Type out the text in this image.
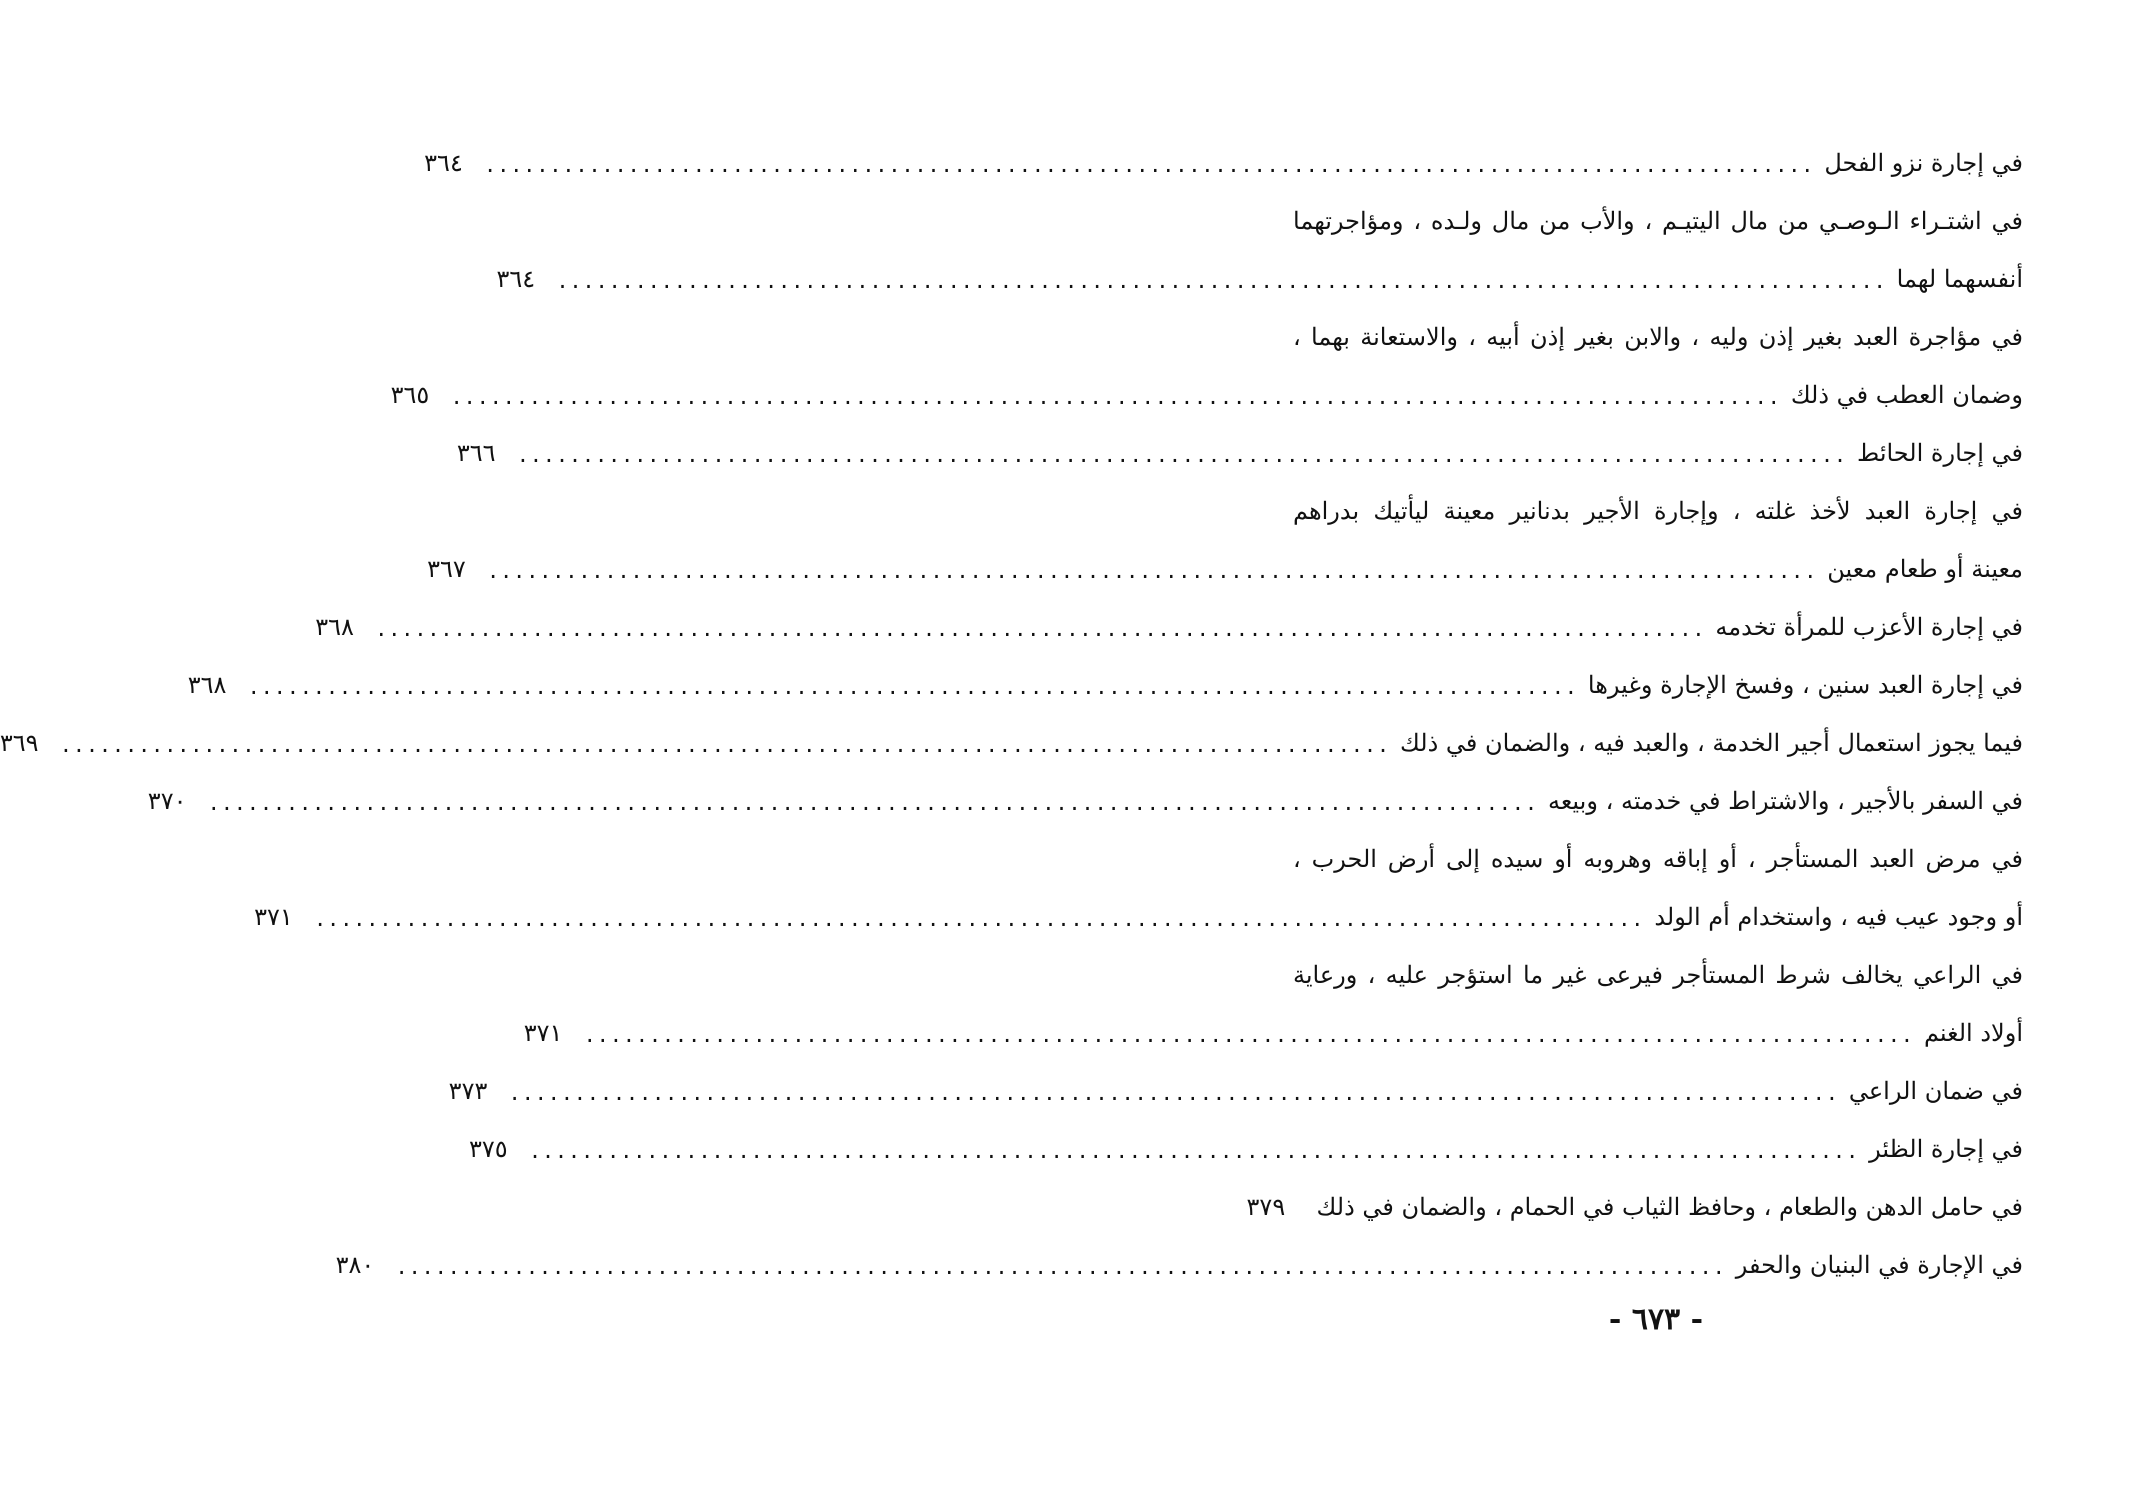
في إجارة نزو الفحل
......................................................................................................
٣٦٤
في اشتـراء الـوصـي من مال اليتيـم ، والأب من مال ولـده ، ومؤاجرتهما
أنفسهما لهما
......................................................................................................
٣٦٤
في مؤاجرة العبد بغير إذن وليه ، والابن بغير إذن أبيه ، والاستعانة بهما ،
وضمان العطب في ذلك
......................................................................................................
٣٦٥
في إجارة الحائط
......................................................................................................
٣٦٦
في إجارة العبد لأخذ غلته ، وإجارة الأجير بدنانير معينة ليأتيك بدراهم
معينة أو طعام معين
......................................................................................................
٣٦٧
في إجارة الأعزب للمرأة تخدمه
......................................................................................................
٣٦٨
في إجارة العبد سنين ، وفسخ الإجارة وغيرها
......................................................................................................
٣٦٨
فيما يجوز استعمال أجير الخدمة ، والعبد فيه ، والضمان في ذلك
......................................................................................................
٣٦٩
في السفر بالأجير ، والاشتراط في خدمته ، وبيعه
......................................................................................................
٣٧٠
في مرض العبد المستأجر ، أو إباقه وهروبه أو سيده إلى أرض الحرب ،
أو وجود عيب فيه ، واستخدام أم الولد
......................................................................................................
٣٧١
في الراعي يخالف شرط المستأجر فيرعى غير ما استؤجر عليه ، ورعاية
أولاد الغنم
......................................................................................................
٣٧١
في ضمان الراعي
......................................................................................................
٣٧٣
في إجارة الظئر
......................................................................................................
٣٧٥
في حامل الدهن والطعام ، وحافظ الثياب في الحمام ، والضمان في ذلك
٣٧٩
في الإجارة في البنيان والحفر
......................................................................................................
٣٨٠
- ٦٧٣ -
